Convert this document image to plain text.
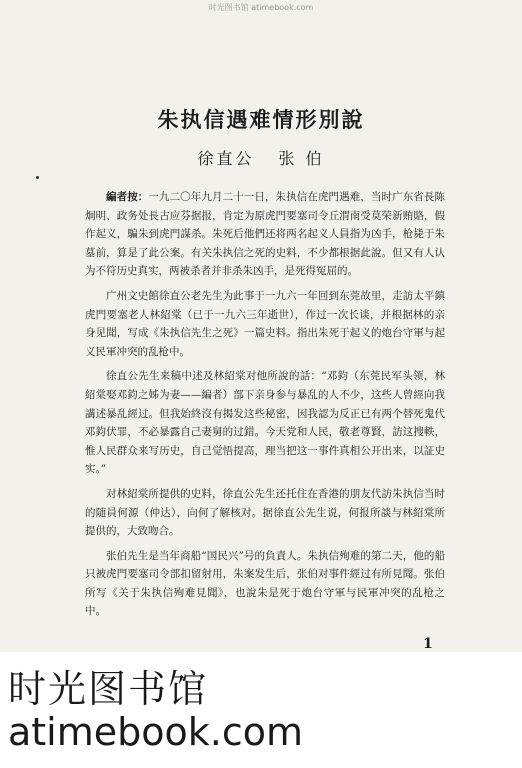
时光图书馆 atimebook.com
朱执信遇难情形別說
徐直公 张 伯

編者按：一九二〇年九月二十一日，朱执信在虎門遇难，当时广东省長陈炯明、政务处長古应芬据报，肯定为原虎門要塞司令丘渭南受莫荣新贿賂，假作起义，騙朱到虎門謀杀。朱死后他們还将两名起义人員指为凶手，枪毙于朱墓前，算是了此公案。有关朱执信之死的史料，不少都根据此說。但又有人认为不符历史真实，两被杀者并非杀朱凶手，是死得冤屈的。

广州文史館徐直公老先生为此事于一九六一年回到东莞故里，走訪太平鎮虎門要塞老人林紹棠（已于一九六三年逝世），作过一次长谈，并根据林的亲身见聞，写成《朱执信先生之死》一篇史料。指出朱死于起义的炮台守軍与起义民軍冲突的乱枪中。

徐直公先生来稿中述及林紹棠对他所說的話：“邓鈞（东莞民军头领，林紹棠娶邓鈞之姊为妻——編者）部下亲身参与暴乱的人不少，这些人曾經向我講述暴乱經过。但我始終沒有揭发这些秘密，因我認为反正已有两个替死鬼代邓鈞伏罪，不必暴露自己妻舅的过錯。今天党和人民，敬老尊賢，訪这搜軼，惟人民群众来写历史，自己觉悟提高，理当把这一事件真相公开出来，以証史实。”

对林紹棠所提供的史料，徐直公先生还托住在香港的朋友代訪朱执信当时的随員何源（仲达），向何了解核对。据徐直公先生说，何报所談与林紹棠所提供的，大致吻合。

张伯先生是当年商船“国民兴”号的負責人。朱执信殉难的第二天，他的船只被虎門要塞司令部扣留射用，朱案发生后，张伯对事件經过有所見聞。张伯所写《关于朱执信殉难見聞》，也說朱是死于炮台守軍与民軍冲突的乱枪之中。

1
时光图书馆
atimebook.com
